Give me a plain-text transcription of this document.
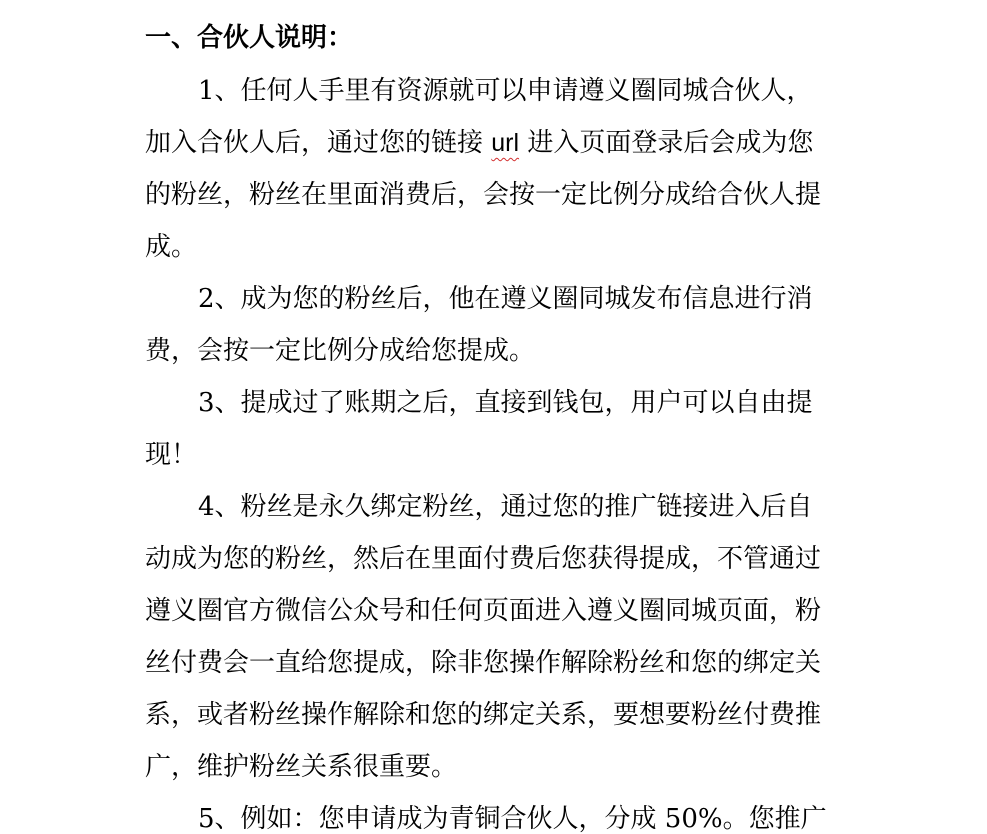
一、合伙人说明：
1、任何人手里有资源就可以申请遵义圈同城合伙人，
加入合伙人后，通过您的链接 url 进入页面登录后会成为您
的粉丝，粉丝在里面消费后，会按一定比例分成给合伙人提
成。
2、成为您的粉丝后，他在遵义圈同城发布信息进行消
费，会按一定比例分成给您提成。
3、提成过了账期之后，直接到钱包，用户可以自由提
现！
4、粉丝是永久绑定粉丝，通过您的推广链接进入后自
动成为您的粉丝，然后在里面付费后您获得提成，不管通过
遵义圈官方微信公众号和任何页面进入遵义圈同城页面，粉
丝付费会一直给您提成，除非您操作解除粉丝和您的绑定关
系，或者粉丝操作解除和您的绑定关系，要想要粉丝付费推
广，维护粉丝关系很重要。
5、例如：您申请成为青铜合伙人，分成 50%。您推广
